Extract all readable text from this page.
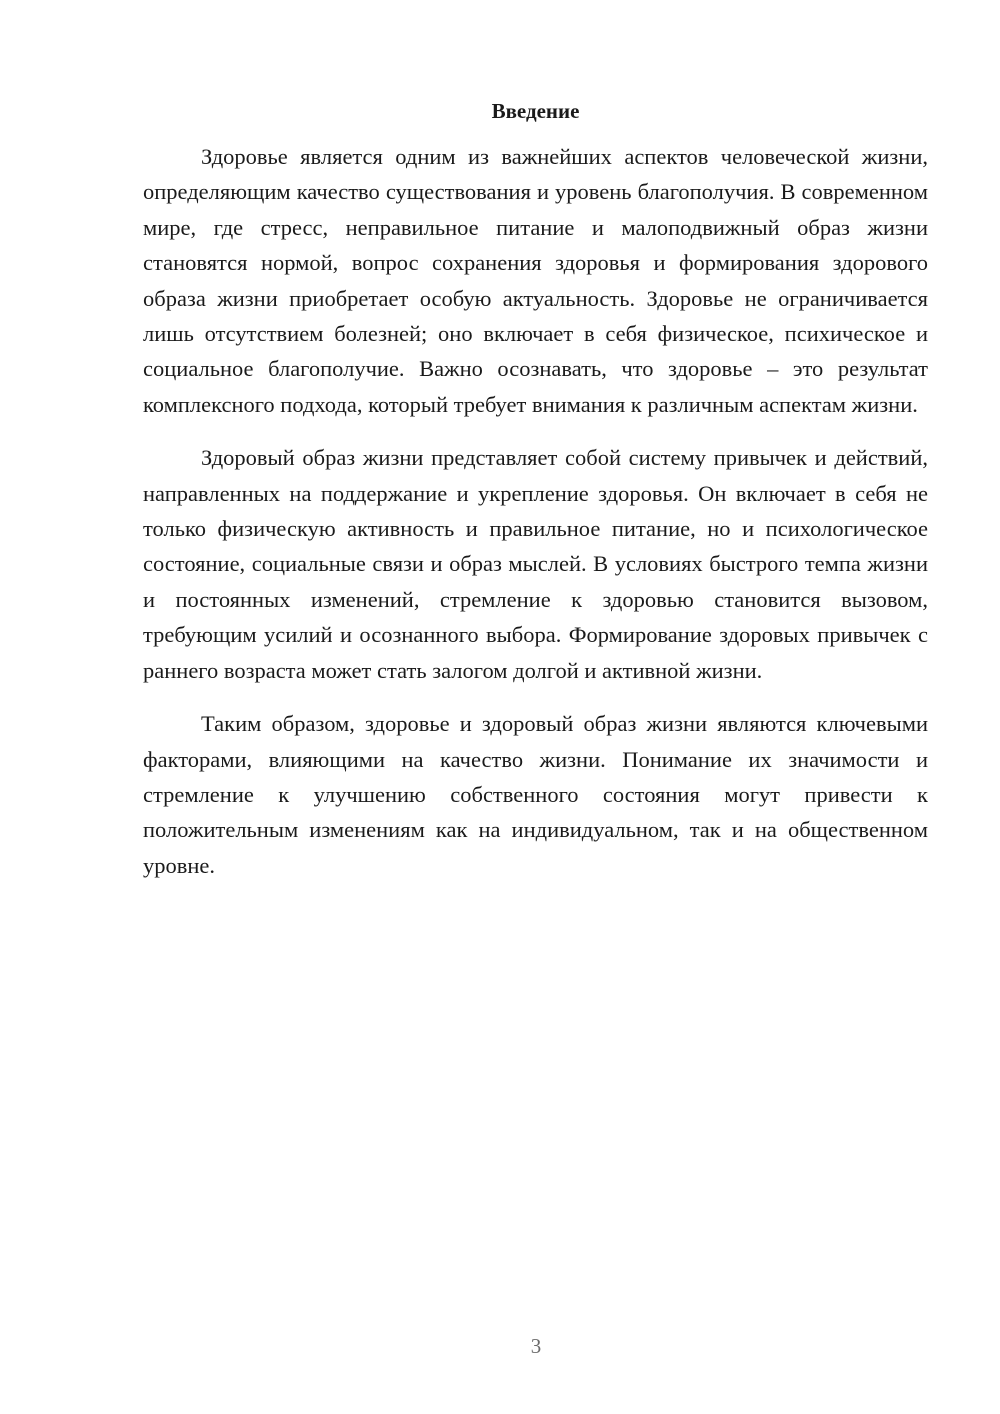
Введение

Здоровье является одним из важнейших аспектов человеческой жизни, определяющим качество существования и уровень благополучия. В современном мире, где стресс, неправильное питание и малоподвижный образ жизни становятся нормой, вопрос сохранения здоровья и формирования здорового образа жизни приобретает особую актуальность. Здоровье не ограничивается лишь отсутствием болезней; оно включает в себя физическое, психическое и социальное благополучие. Важно осознавать, что здоровье – это результат комплексного подхода, который требует внимания к различным аспектам жизни.

Здоровый образ жизни представляет собой систему привычек и действий, направленных на поддержание и укрепление здоровья. Он включает в себя не только физическую активность и правильное питание, но и психологическое состояние, социальные связи и образ мыслей. В условиях быстрого темпа жизни и постоянных изменений, стремление к здоровью становится вызовом, требующим усилий и осознанного выбора. Формирование здоровых привычек с раннего возраста может стать залогом долгой и активной жизни.

Таким образом, здоровье и здоровый образ жизни являются ключевыми факторами, влияющими на качество жизни. Понимание их значимости и стремление к улучшению собственного состояния могут привести к положительным изменениям как на индивидуальном, так и на общественном уровне.

3
